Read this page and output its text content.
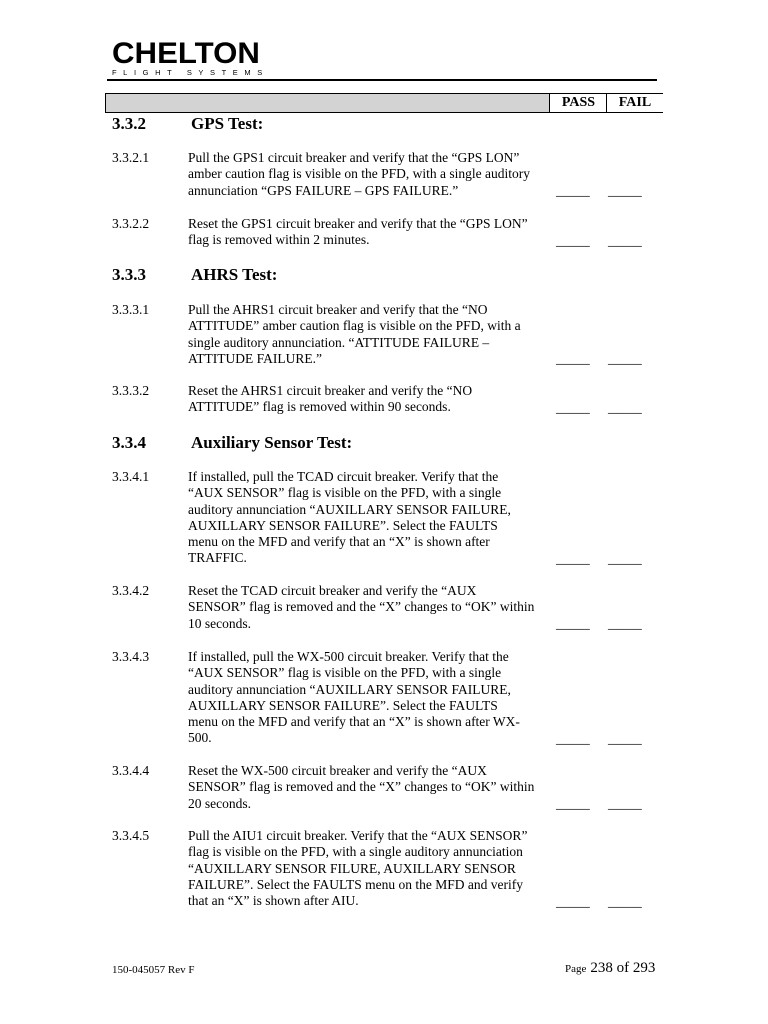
CHELTON
FLIGHT SYSTEMS
PASS	FAIL
3.3.2	GPS Test:
3.3.2.1	Pull the GPS1 circuit breaker and verify that the “GPS LON”
amber caution flag is visible on the PFD, with a single auditory
annunciation “GPS FAILURE – GPS FAILURE.”	_____ _____
3.3.2.2	Reset the GPS1 circuit breaker and verify that the “GPS LON”
flag is removed within 2 minutes.	_____ _____
3.3.3	AHRS Test:
3.3.3.1	Pull the AHRS1 circuit breaker and verify that the “NO
ATTITUDE” amber caution flag is visible on the PFD, with a
single auditory annunciation. “ATTITUDE FAILURE –
ATTITUDE FAILURE.”	_____ _____
3.3.3.2	Reset the AHRS1 circuit breaker and verify the “NO
ATTITUDE” flag is removed within 90 seconds.	_____ _____
3.3.4	Auxiliary Sensor Test:
3.3.4.1	If installed, pull the TCAD circuit breaker. Verify that the
“AUX SENSOR” flag is visible on the PFD, with a single
auditory annunciation “AUXILLARY SENSOR FAILURE,
AUXILLARY SENSOR FAILURE”. Select the FAULTS
menu on the MFD and verify that an “X” is shown after
TRAFFIC.	_____ _____
3.3.4.2	Reset the TCAD circuit breaker and verify the “AUX
SENSOR” flag is removed and the “X” changes to “OK” within
10 seconds.	_____ _____
3.3.4.3	If installed, pull the WX-500 circuit breaker. Verify that the
“AUX SENSOR” flag is visible on the PFD, with a single
auditory annunciation “AUXILLARY SENSOR FAILURE,
AUXILLARY SENSOR FAILURE”. Select the FAULTS
menu on the MFD and verify that an “X” is shown after WX-
500.	_____ _____
3.3.4.4	Reset the WX-500 circuit breaker and verify the “AUX
SENSOR” flag is removed and the “X” changes to “OK” within
20 seconds.	_____ _____
3.3.4.5	Pull the AIU1 circuit breaker. Verify that the “AUX SENSOR”
flag is visible on the PFD, with a single auditory annunciation
“AUXILLARY SENSOR FILURE, AUXILLARY SENSOR
FAILURE”. Select the FAULTS menu on the MFD and verify
that an “X” is shown after AIU.	_____ _____
150-045057 Rev F	Page 238 of 293
